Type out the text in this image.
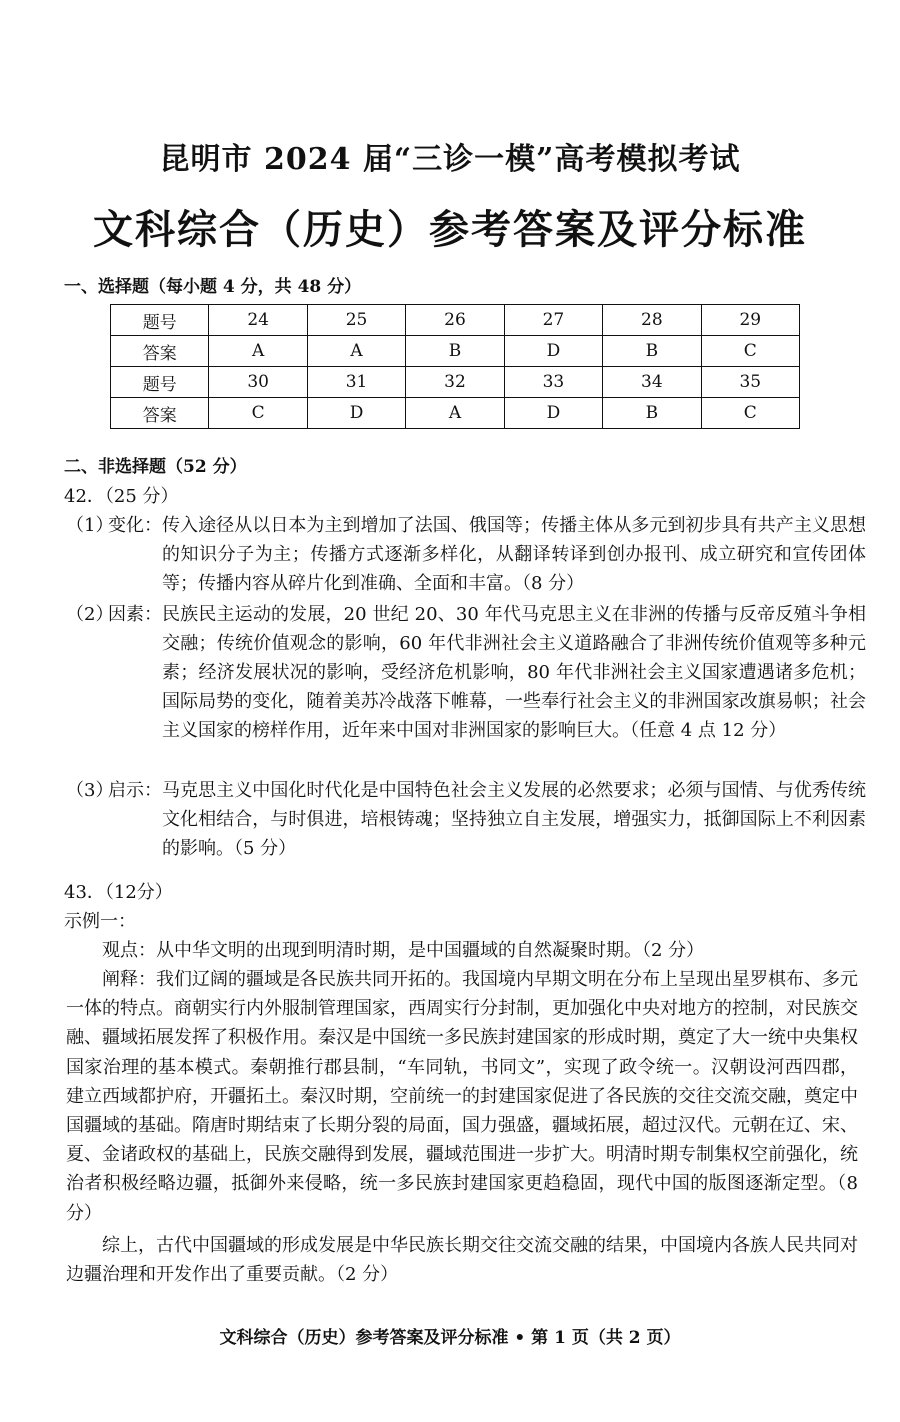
昆明市 2024 届“三诊一模”高考模拟考试
文科综合（历史）参考答案及评分标准
一、选择题（每小题 4 分，共 48 分）
题号	24	25	26	27	28	29
答案	A	A	B	D	B	C
题号	30	31	32	33	34	35
答案	C	D	A	D	B	C
二、非选择题（52 分）
42．（25 分）
（1）
变化： 传入途径从以日本为主到增加了法国、俄国等；传播主体从多元到初步具有共产主义思想的知识分子为主；传播方式逐渐多样化，从翻译转译到创办报刊、成立研究和宣传团体等；传播内容从碎片化到准确、全面和丰富。（8 分）
（2）
因素： 民族民主运动的发展，20 世纪 20、30 年代马克思主义在非洲的传播与反帝反殖斗争相交融；传统价值观念的影响，60 年代非洲社会主义道路融合了非洲传统价值观等多种元素；经济发展状况的影响，受经济危机影响，80 年代非洲社会主义国家遭遇诸多危机；国际局势的变化，随着美苏冷战落下帷幕，一些奉行社会主义的非洲国家改旗易帜；社会主义国家的榜样作用，近年来中国对非洲国家的影响巨大。（任意 4 点 12 分）
（3）
启示： 马克思主义中国化时代化是中国特色社会主义发展的必然要求；必须与国情、与优秀传统文化相结合，与时俱进，培根铸魂；坚持独立自主发展，增强实力，抵御国际上不利因素的影响。（5 分）
43．（12分）
示例一：
观点：从中华文明的出现到明清时期，是中国疆域的自然凝聚时期。（2 分）
阐释：我们辽阔的疆域是各民族共同开拓的。我国境内早期文明在分布上呈现出星罗棋布、多元一体的特点。商朝实行内外服制管理国家，西周实行分封制，更加强化中央对地方的控制，对民族交融、疆域拓展发挥了积极作用。秦汉是中国统一多民族封建国家的形成时期，奠定了大一统中央集权国家治理的基本模式。秦朝推行郡县制，“车同轨，书同文”，实现了政令统一。汉朝设河西四郡，建立西域都护府，开疆拓土。秦汉时期，空前统一的封建国家促进了各民族的交往交流交融，奠定中国疆域的基础。隋唐时期结束了长期分裂的局面，国力强盛，疆域拓展，超过汉代。元朝在辽、宋、夏、金诸政权的基础上，民族交融得到发展，疆域范围进一步扩大。明清时期专制集权空前强化，统治者积极经略边疆，抵御外来侵略，统一多民族封建国家更趋稳固，现代中国的版图逐渐定型。（8 分）
综上，古代中国疆域的形成发展是中华民族长期交往交流交融的结果，中国境内各族人民共同对边疆治理和开发作出了重要贡献。（2 分）
文科综合（历史）参考答案及评分标准 • 第 1 页（共 2 页）
